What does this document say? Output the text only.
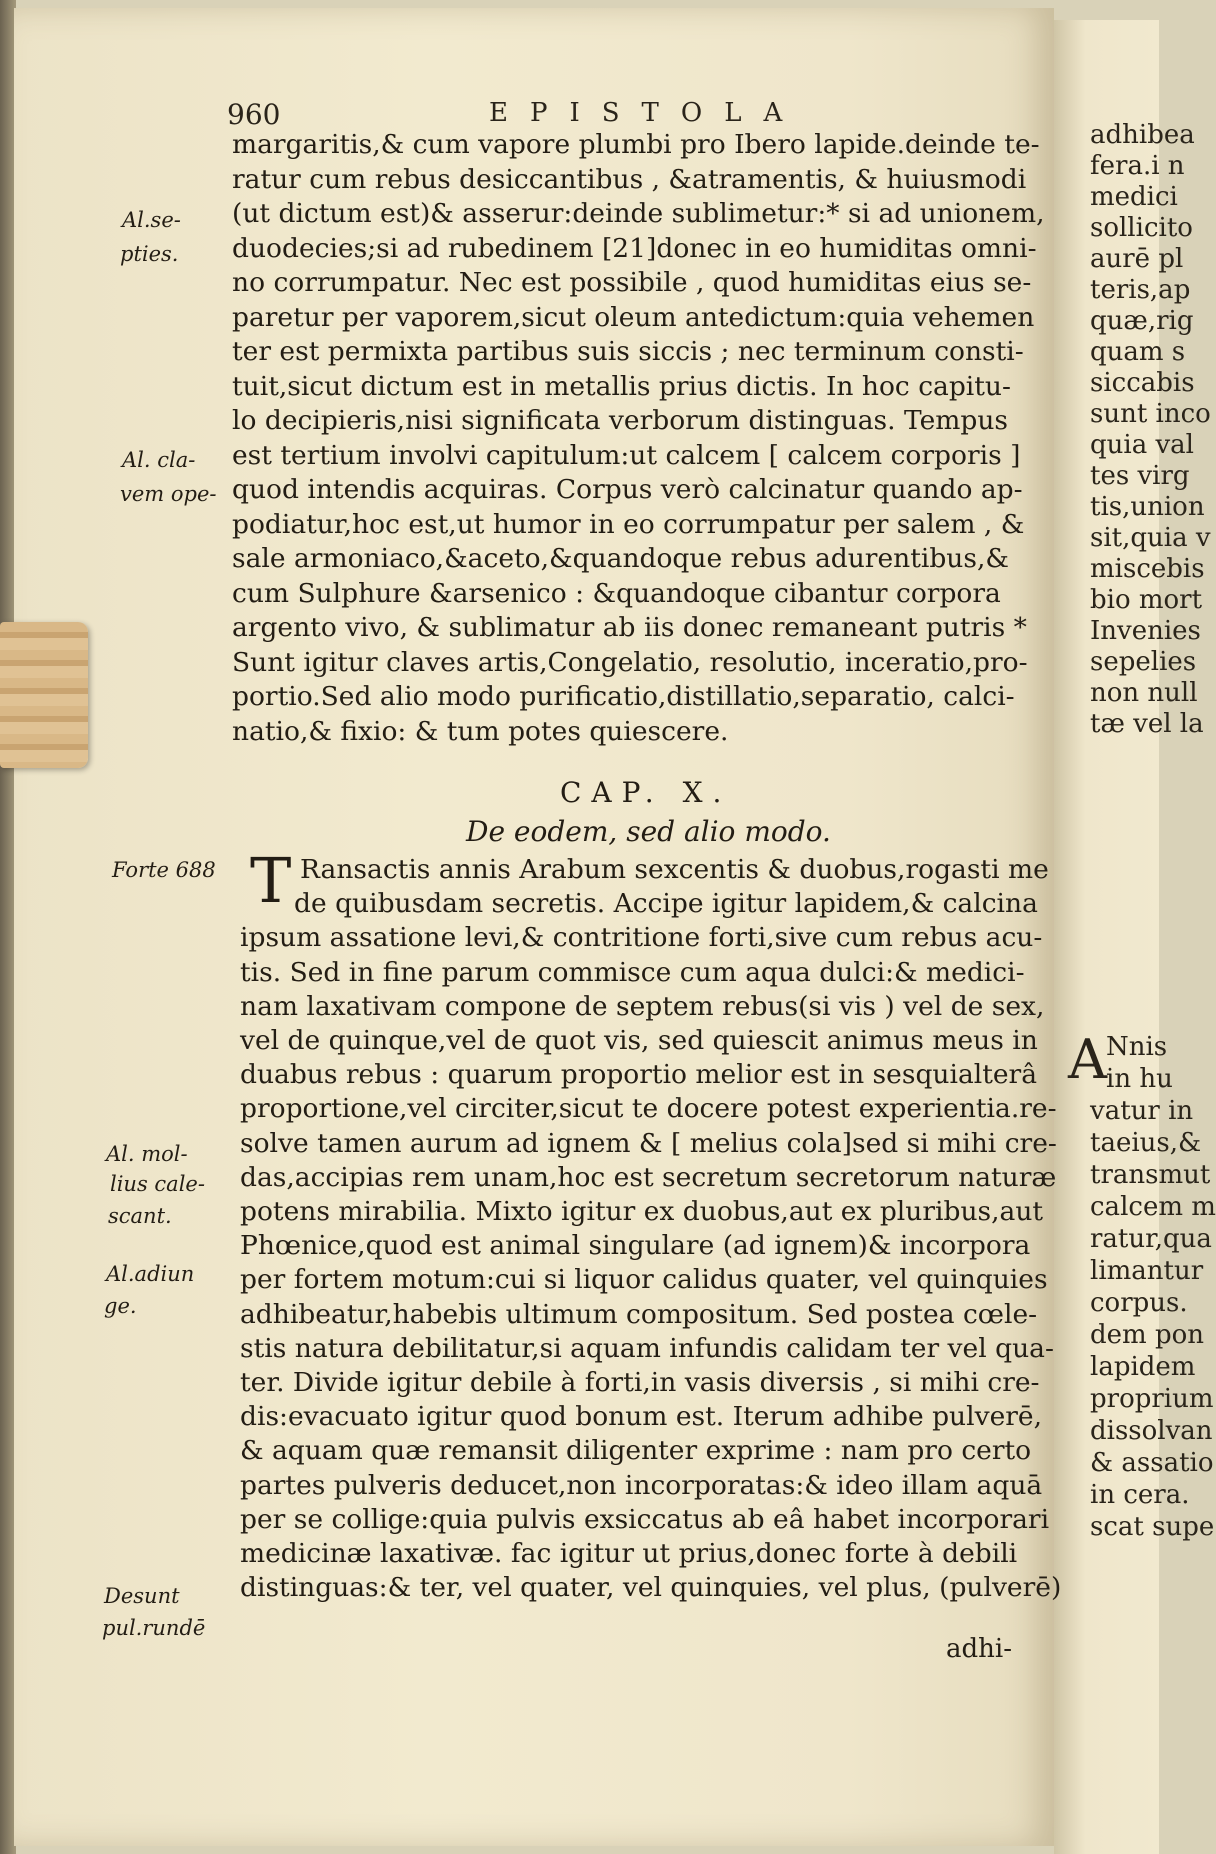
adhibea
fera.i n
medici
sollicito
aurē pl
teris,ap
quæ,rig
quam s
siccabis
sunt inco
quia val
tes virg
tis,union
sit,quia v
miscebis
bio mort
Invenies
sepelies
non null
tæ vel la
A Nnis
in hu
vatur in
taeius,&
transmut
calcem m
ratur,qua
limantur
corpus.
dem pon
lapidem
proprium
dissolvan
& assatio
in cera.
scat supe
960	EPISTOLA
margaritis,& cum vapore plumbi pro Ibero lapide.deinde te-
ratur cum rebus desiccantibus , &atramentis, & huiusmodi
(ut dictum est)& asserur:deinde sublimetur:* si ad unionem,
duodecies;si ad rubedinem [21]donec in eo humiditas omni-
no corrumpatur. Nec est possibile , quod humiditas eius se-
paretur per vaporem,sicut oleum antedictum:quia vehemen
ter est permixta partibus suis siccis ; nec terminum consti-
tuit,sicut dictum est in metallis prius dictis. In hoc capitu-
lo decipieris,nisi significata verborum distinguas. Tempus
est tertium involvi capitulum:ut calcem [ calcem corporis ]
quod intendis acquiras. Corpus verò calcinatur quando ap-
podiatur,hoc est,ut humor in eo corrumpatur per salem , &
sale armoniaco,&aceto,&quandoque rebus adurentibus,&
cum Sulphure &arsenico : &quandoque cibantur corpora
argento vivo, & sublimatur ab iis donec remaneant putris *
Sunt igitur claves artis,Congelatio, resolutio, inceratio,pro-
portio.Sed alio modo purificatio,distillatio,separatio, calci-
natio,& fixio: & tum potes quiescere.
CAP. X.
De eodem, sed alio modo.
T Ransactis annis Arabum sexcentis & duobus,rogasti me
de quibusdam secretis. Accipe igitur lapidem,& calcina
ipsum assatione levi,& contritione forti,sive cum rebus acu-
tis. Sed in fine parum commisce cum aqua dulci:& medici-
nam laxativam compone de septem rebus(si vis ) vel de sex,
vel de quinque,vel de quot vis, sed quiescit animus meus in
duabus rebus : quarum proportio melior est in sesquialterâ
proportione,vel circiter,sicut te docere potest experientia.re-
solve tamen aurum ad ignem & [ melius cola]sed si mihi cre-
das,accipias rem unam,hoc est secretum secretorum naturæ
potens mirabilia. Mixto igitur ex duobus,aut ex pluribus,aut
Phœnice,quod est animal singulare (ad ignem)& incorpora
per fortem motum:cui si liquor calidus quater, vel quinquies
adhibeatur,habebis ultimum compositum. Sed postea cœle-
stis natura debilitatur,si aquam infundis calidam ter vel qua-
ter. Divide igitur debile à forti,in vasis diversis , si mihi cre-
dis:evacuato igitur quod bonum est. Iterum adhibe pulverē,
& aquam quæ remansit diligenter exprime : nam pro certo
partes pulveris deducet,non incorporatas:& ideo illam aquā
per se collige:quia pulvis exsiccatus ab eâ habet incorporari
medicinæ laxativæ. fac igitur ut prius,donec forte à debili
distinguas:& ter, vel quater, vel quinquies, vel plus, (pulverē)
adhi-
Al.se-
pties.
Al. cla-
vem ope-
Forte 688
Al. mol-
lius cale-
scant.
Al.adiun
ge.
Desunt
pul.rundē
